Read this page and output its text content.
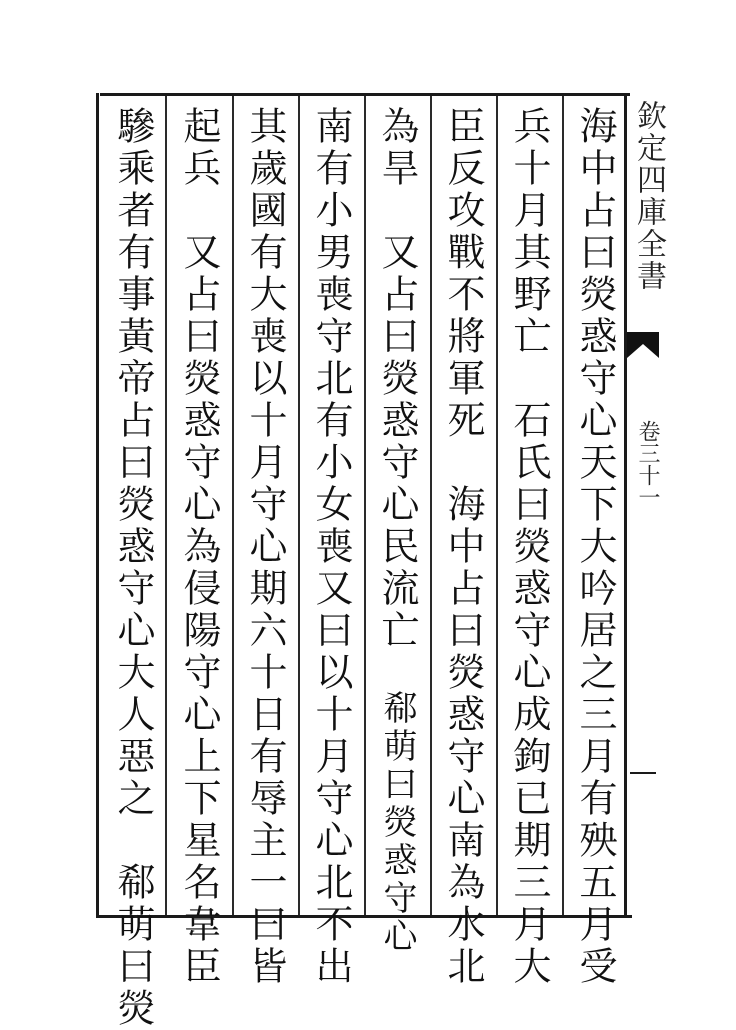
海中占曰熒惑守心天下大吟居之三月有殃五月受
兵十月其野亡　石氏曰熒惑守心成鉤已期三月大
臣反攻戰不將軍死　海中占曰熒惑守心南為水北
為旱　又占曰熒惑守心民流亡　郗萌曰熒惑守心
南有小男喪守北有小女喪又曰以十月守心北不出
其歲國有大喪以十月守心期六十日有辱主一曰皆
起兵　又占曰熒惑守心為侵陽守心上下星名韋臣
驂乘者有事黃帝占曰熒惑守心大人惡之　郗萌曰熒
欽定四庫全書
卷三十一
